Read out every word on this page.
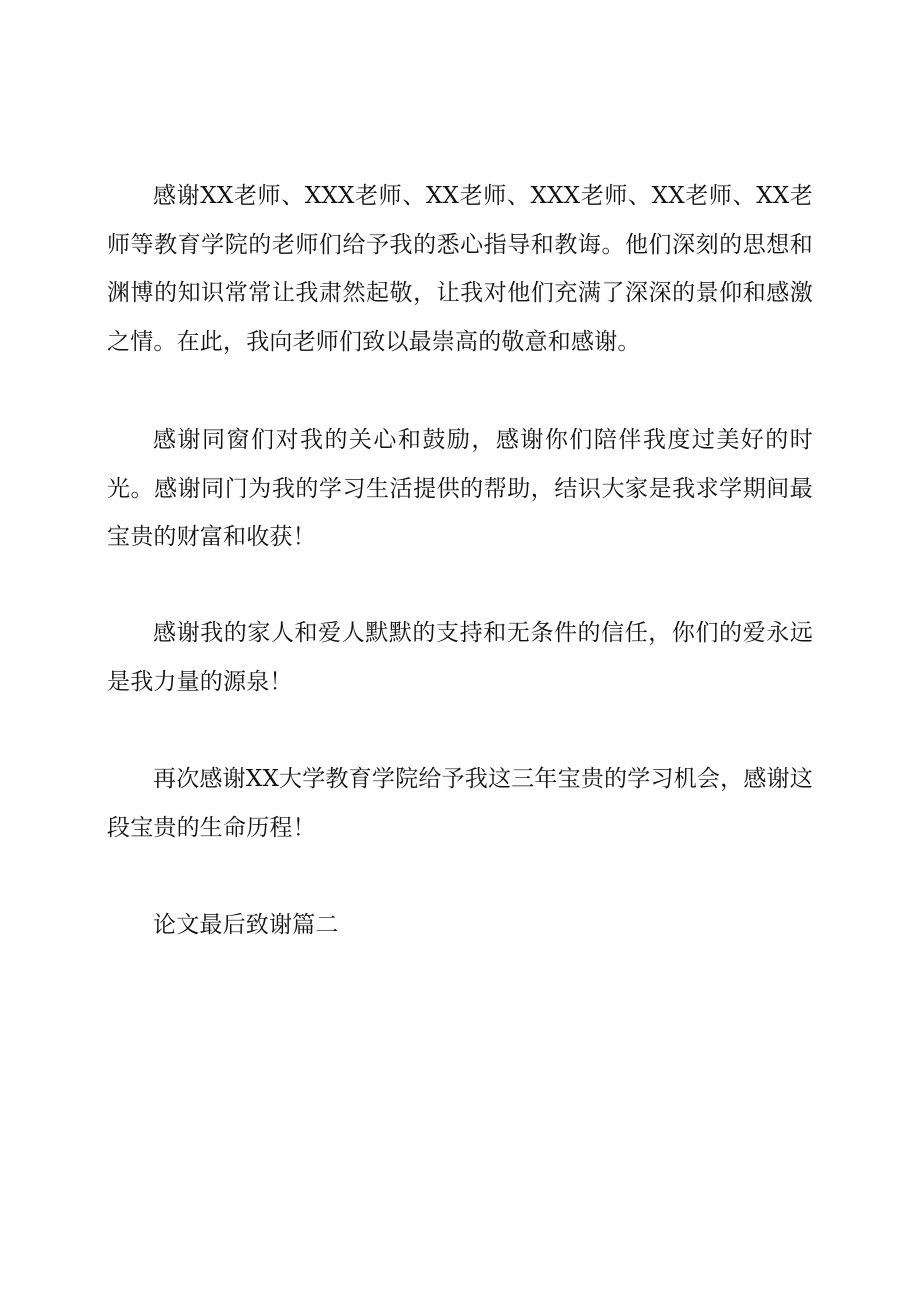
感谢XX老师、XXX老师、XX老师、XXX老师、XX老师、XX老师等教育学院的老师们给予我的悉心指导和教诲。他们深刻的思想和渊博的知识常常让我肃然起敬，让我对他们充满了深深的景仰和感激之情。在此，我向老师们致以最崇高的敬意和感谢。

感谢同窗们对我的关心和鼓励，感谢你们陪伴我度过美好的时光。感谢同门为我的学习生活提供的帮助，结识大家是我求学期间最宝贵的财富和收获！

感谢我的家人和爱人默默的支持和无条件的信任，你们的爱永远是我力量的源泉！

再次感谢XX大学教育学院给予我这三年宝贵的学习机会，感谢这段宝贵的生命历程！

论文最后致谢篇二
